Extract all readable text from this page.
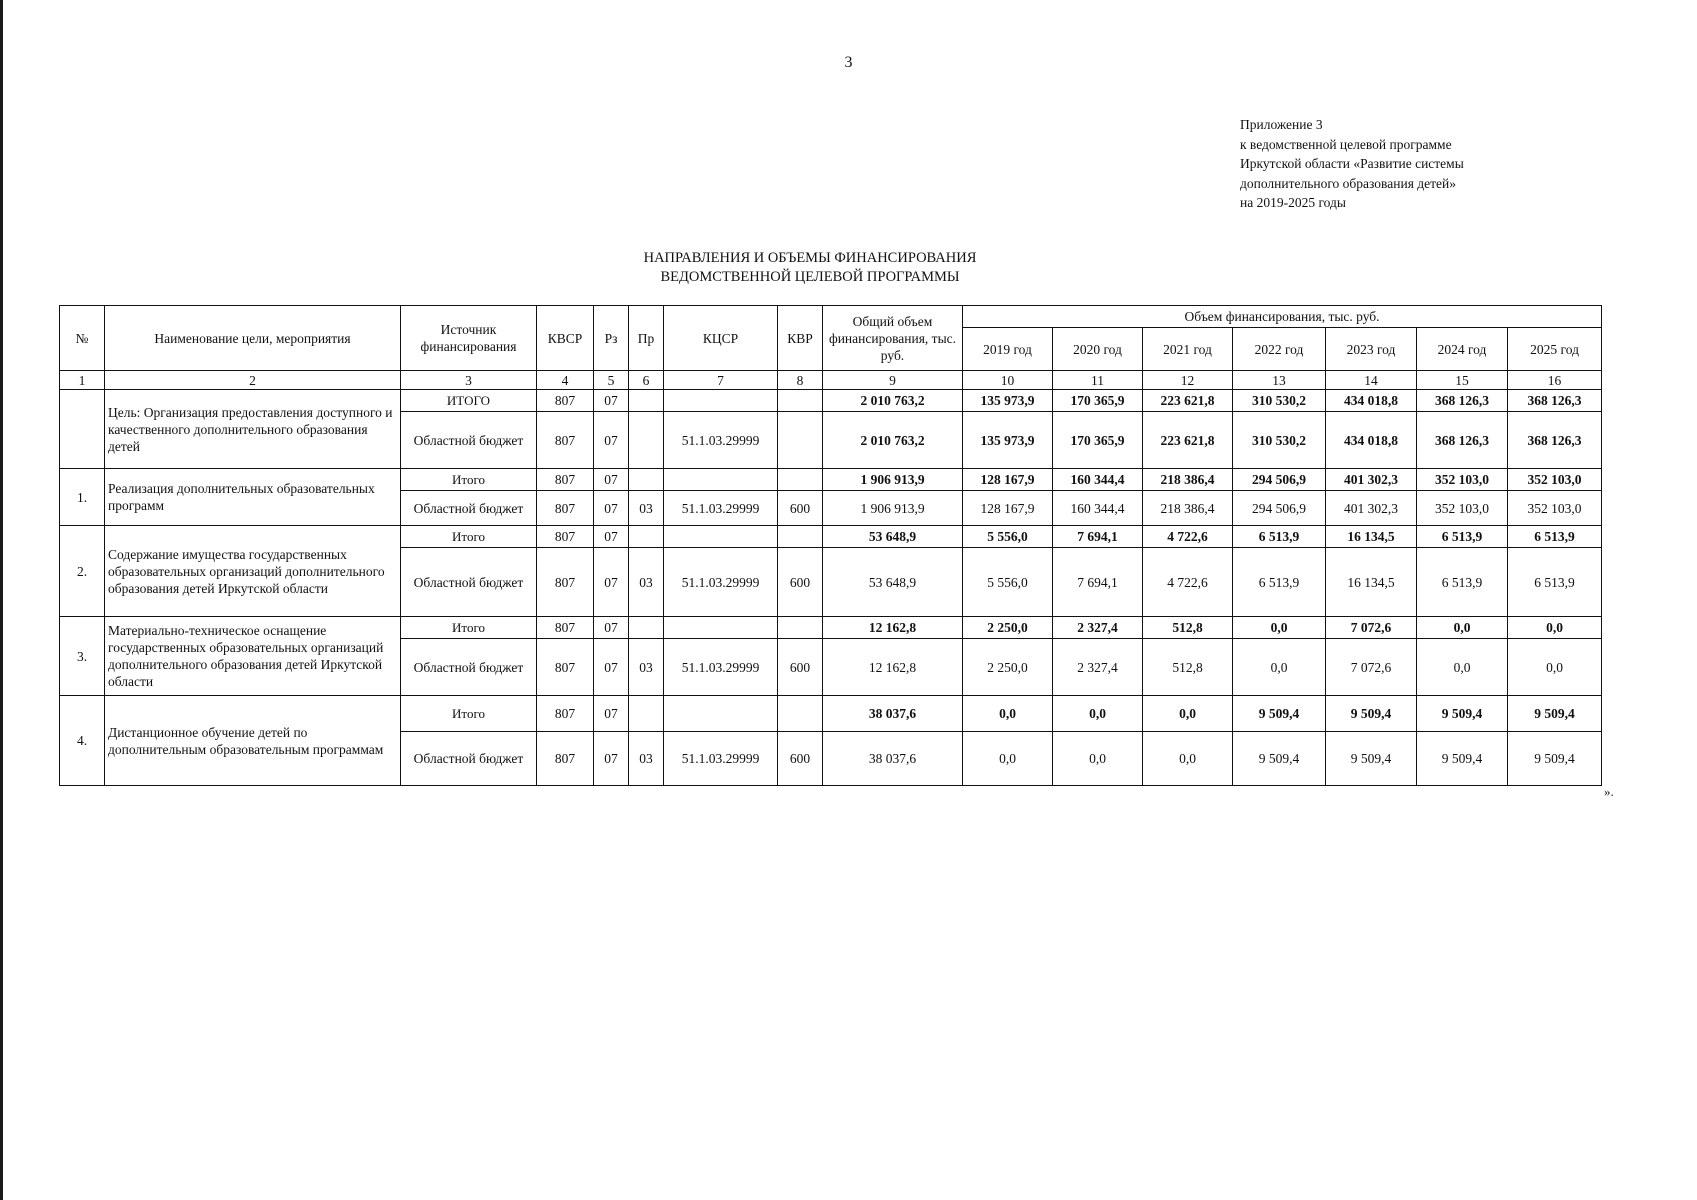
3
Приложение 3
к ведомственной целевой программе
Иркутской области «Развитие системы
дополнительного образования детей»
на 2019-2025 годы
НАПРАВЛЕНИЯ И ОБЪЕМЫ ФИНАНСИРОВАНИЯ
ВЕДОМСТВЕННОЙ ЦЕЛЕВОЙ ПРОГРАММЫ
№	Наименование цели, мероприятия	Источник финансирования	КВСР	Рз	Пр	КЦСР	КВР	Общий объем финансирования, тыс. руб.	Объем финансирования, тыс. руб.						
									2019 год	2020 год	2021 год	2022 год	2023 год	2024 год	2025 год
1	2	3	4	5	6	7	8	9	10	11	12	13	14	15	16
	Цель: Организация предоставления доступного и качественного дополнительного образования детей	ИТОГО	807	07				2 010 763,2	135 973,9	170 365,9	223 621,8	310 530,2	434 018,8	368 126,3	368 126,3
		Областной бюджет	807	07		51.1.03.29999		2 010 763,2	135 973,9	170 365,9	223 621,8	310 530,2	434 018,8	368 126,3	368 126,3
1.	Реализация дополнительных образовательных программ	Итого	807	07				1 906 913,9	128 167,9	160 344,4	218 386,4	294 506,9	401 302,3	352 103,0	352 103,0
		Областной бюджет	807	07	03	51.1.03.29999	600	1 906 913,9	128 167,9	160 344,4	218 386,4	294 506,9	401 302,3	352 103,0	352 103,0
2.	Содержание имущества государственных образовательных организаций дополнительного образования детей Иркутской области	Итого	807	07				53 648,9	5 556,0	7 694,1	4 722,6	6 513,9	16 134,5	6 513,9	6 513,9
		Областной бюджет	807	07	03	51.1.03.29999	600	53 648,9	5 556,0	7 694,1	4 722,6	6 513,9	16 134,5	6 513,9	6 513,9
3.	Материально-техническое оснащение государственных образовательных организаций дополнительного образования детей Иркутской области	Итого	807	07				12 162,8	2 250,0	2 327,4	512,8	0,0	7 072,6	0,0	0,0
		Областной бюджет	807	07	03	51.1.03.29999	600	12 162,8	2 250,0	2 327,4	512,8	0,0	7 072,6	0,0	0,0
4.	Дистанционное обучение детей по дополнительным образовательным программам	Итого	807	07				38 037,6	0,0	0,0	0,0	9 509,4	9 509,4	9 509,4	9 509,4
		Областной бюджет	807	07	03	51.1.03.29999	600	38 037,6	0,0	0,0	0,0	9 509,4	9 509,4	9 509,4	9 509,4
».
